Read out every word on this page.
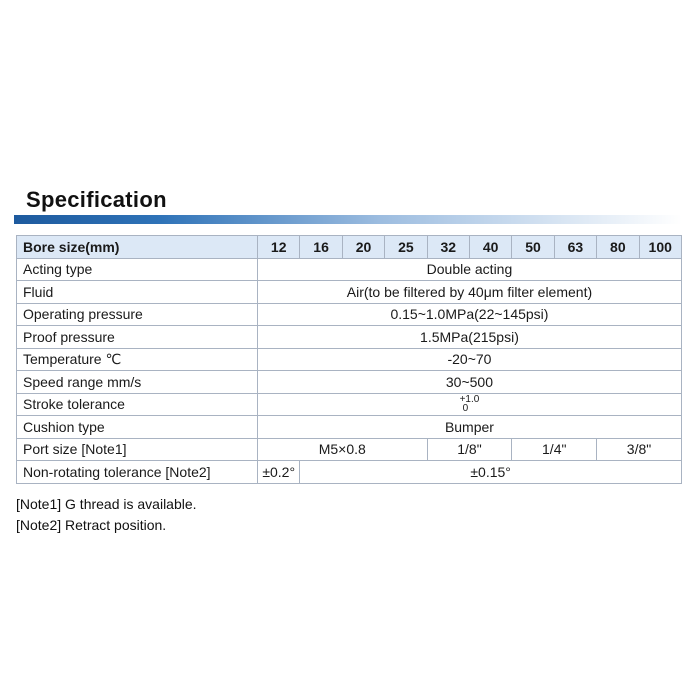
Specification
Bore size(mm)	12	16	20	25	32	40	50	63	80	100
Acting type	Double acting									
Fluid	Air(to be filtered by 40μm filter element)									
Operating pressure	0.15~1.0MPa(22~145psi)									
Proof pressure	1.5MPa(215psi)									
Temperature ℃	-20~70									
Speed range mm/s	30~500									
Stroke tolerance	+1.0
0									
Cushion type	Bumper									
Port size [Note1]	M5×0.8				1/8"		1/4"		3/8"	
Non-rotating tolerance [Note2]	±0.2°	±0.15°								
[Note1] G thread is available.
[Note2] Retract position.
